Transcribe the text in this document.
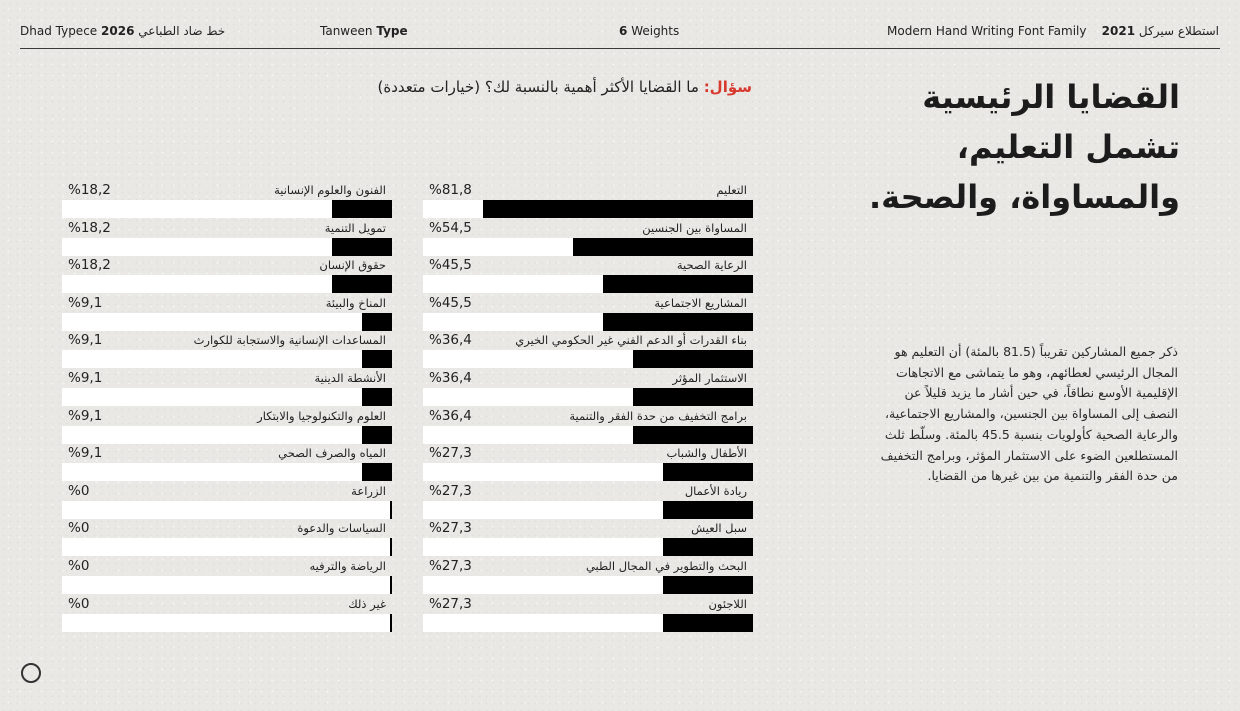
Dhad Typece 2026 خط ضاد الطباعي	Tanween Type	6 Weights	Modern Hand Writing Font Family 2021 استطلاع سيركل
القضايا الرئيسية تشمل التعليم، والمساواة، والصحة.
سؤال: ما القضايا الأكثر أهمية بالنسبة لك؟ (خيارات متعددة)
ذكر جميع المشاركين تقريباً (81.5 بالمئة) أن التعليم هو المجال الرئيسي لعطائهم، وهو ما يتماشى مع الاتجاهات الإقليمية الأوسع نطاقاً، في حين أشار ما يزيد قليلاً عن النصف إلى المساواة بين الجنسين، والمشاريع الاجتماعية، والرعاية الصحية كأولويات بنسبة 45.5 بالمئة. وسلّط ثلث المستطلعين الضوء على الاستثمار المؤثر، وبرامج التخفيف من حدة الفقر والتنمية من بين غيرها من القضايا.
التعليم
%81,8
المساواة بين الجنسين
%54,5
الرعاية الصحية
%45,5
المشاريع الاجتماعية
%45,5
بناء القدرات أو الدعم الفني غير الحكومي الخيري
%36,4
الاستثمار المؤثر
%36,4
برامج التخفيف من حدة الفقر والتنمية
%36,4
الأطفال والشباب
%27,3
ريادة الأعمال
%27,3
سبل العيش
%27,3
البحث والتطوير في المجال الطبي
%27,3
اللاجئون
%27,3
الفنون والعلوم الإنسانية
%18,2
تمويل التنمية
%18,2
حقوق الإنسان
%18,2
المناخ والبيئة
%9,1
المساعدات الإنسانية والاستجابة للكوارث
%9,1
الأنشطة الدينية
%9,1
العلوم والتكنولوجيا والابتكار
%9,1
المياه والصرف الصحي
%9,1
الزراعة
%0
السياسات والدعوة
%0
الرياضة والترفيه
%0
غير ذلك
%0
